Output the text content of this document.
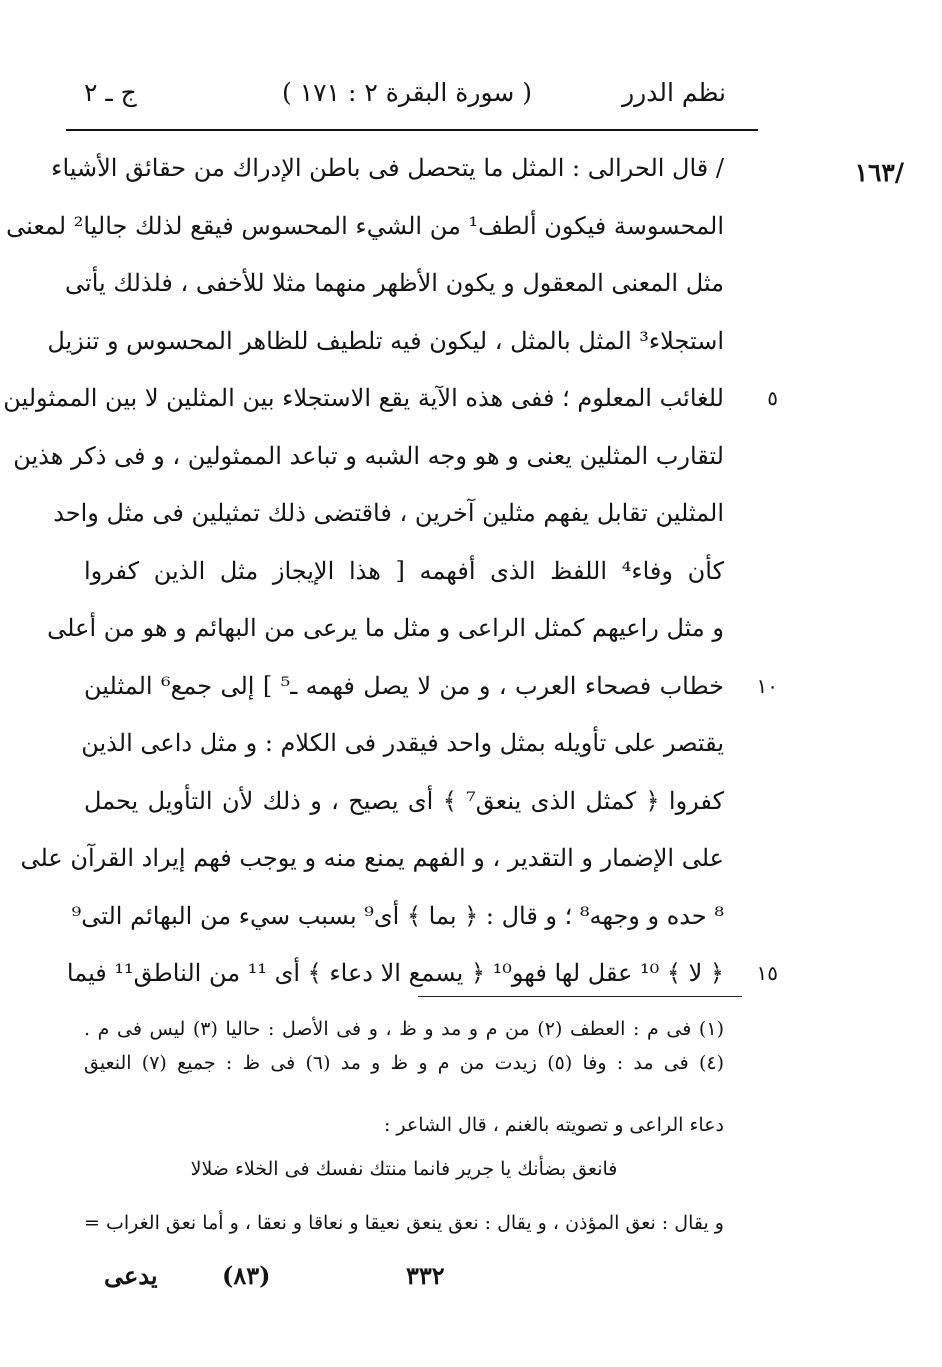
نظم الدرر
( سورة البقرة ٢ : ١٧١ )
ج ـ ٢
/١٦٣
/ قال الحرالى : المثل ما يتحصل فى باطن الإدراك من حقائق الأشياء
المحسوسة فيكون ألطف¹ من الشيء المحسوس فيقع لذلك جاليا² لمعنى
مثل المعنى المعقول و يكون الأظهر منهما مثلا للأخفى ، فلذلك يأتى
استجلاء³ المثل بالمثل ، ليكون فيه تلطيف للظاهر المحسوس و تنزيل
للغائب المعلوم ؛ ففى هذه الآية يقع الاستجلاء بين المثلين لا بين الممثولين	٥
لتقارب المثلين يعنى و هو وجه الشبه و تباعد الممثولين ، و فى ذكر هذين
المثلين تقابل يفهم مثلين آخرين ، فاقتضى ذلك تمثيلين فى مثل واحد
كأن وفاء⁴ اللفظ الذى أفهمه [ هذا الإيجاز مثل الذين كفروا
و مثل راعيهم كمثل الراعى و مثل ما يرعى من البهائم و هو من أعلى
خطاب فصحاء العرب ، و من لا يصل فهمه ـ⁵ ] إلى جمع⁶ المثلين	١٠
يقتصر على تأويله بمثل واحد فيقدر فى الكلام : و مثل داعى الذين
كفروا ﴿ كمثل الذى ينعق⁷ ﴾ أى يصيح ، و ذلك لأن التأويل يحمل
على الإضمار و التقدير ، و الفهم يمنع منه و يوجب فهم إيراد القرآن على
⁸ حده و وجهه⁸ ؛ و قال : ﴿ بما ﴾ أى⁹ بسبب سيء من البهائم التى⁹
﴿ لا ﴾ ¹⁰ عقل لها فهو¹⁰ ﴿ يسمع الا دعاء ﴾ أى ¹¹ من الناطق¹¹ فيما	١٥
(١) فى م : العطف (٢) من م و مد و ظ ، و فى الأصل : حاليا (٣) ليس فى م .
(٤) فى مد : وفا (٥) زيدت من م و ظ و مد (٦) فى ظ : جميع (٧) النعيق
دعاء الراعى و تصويته بالغنم ، قال الشاعر :
فانعق بضأنك يا جرير فانما منتك نفسك فى الخلاء ضلالا
و يقال : نعق المؤذن ، و يقال : نعق ينعق نعيقا و نعاقا و نعقا ، و أما نعق الغراب =
٣٣٢
(٨٣)
يدعى
